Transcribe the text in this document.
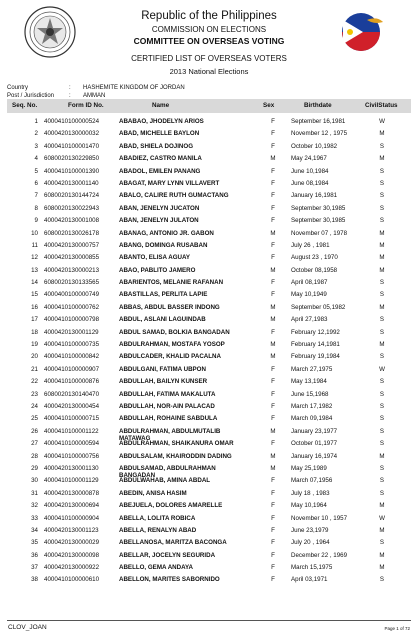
Republic of the Philippines
COMMISSION ON ELECTIONS
COMMITTEE ON OVERSEAS VOTING
CERTIFIED LIST OF OVERSEAS VOTERS
2013 National Elections
Country	:	HASHEMITE KINGDOM OF JORDAN
Post / Jurisdiction	:	AMMAN
Seq. No.	Form ID No.	Name	Sex	Birthdate	CivilStatus
1 4000410100000524	ABABAO, JHODELYN ARIOS	F	September 16,1981	W
2 4000420130000032	ABAD, MICHELLE BAYLON	F	November 12 , 1975	M
3 4000410100001470	ABAD, SHIELA DOJINOG	F	October 10,1982	S
4 6080020130229850	ABADIEZ, CASTRO MANILA	M	May 24,1967	M
5 4000410100001390	ABADOL, EMILEN PANANG	F	June 10,1984	S
6 4000420130001140	ABAGAT, MARY LYNN VILLAVERT	F	June 08,1984	S
7 6080020130144724	ABALO, CALIRE RUTH GUMACTANG	F	January 16,1981	S
8 6080020130022943	ABAN, JENELYN JUCATON	F	September 30,1985	S
9 4000420130001008	ABAN, JENELYN JULATON	F	September 30,1985	S
10 6080020130026178	ABANAG, ANTONIO JR. GABON	M	November 07 , 1978	M
11 4000420130000757	ABANG, DOMINGA RUSABAN	F	July 26 , 1981	M
12 4000420130000855	ABANTO, ELISA AGUAY	F	August 23 , 1970	M
13 4000420130000213	ABAO, PABLITO JAMERO	M	October 08,1958	M
14 6080020130133565	ABARIENTOS, MELANIE RAFANAN	F	April 08,1987	S
15 4000400100000749	ABASTILLAS, PERLITA LAPIE	F	May 10,1949	S
16 4000410100000762	ABBAS, ABDUL BASSER INDONG	M	September 05,1982	M
17 4000410100000798	ABDUL, ASLANI LAGUINDAB	M	April 27,1983	S
18 4000420130001129	ABDUL SAMAD, BOLKIA BANGADAN	F	February 12,1992	S
19 4000410100000735	ABDULRAHMAN, MOSTAFA YOSOP	M	February 14,1981	M
20 4000410100000842	ABDULCADER, KHALID PACALNA	M	February 19,1984	S
21 4000410100000907	ABDULGANI, FATIMA UBPON	F	March 27,1975	W
22 4000410100000876	ABDULLAH, BAILYN KUNSER	F	May 13,1984	S
23 6080020130140470	ABDULLAH, FATIMA MAKALUTA	F	June 15,1968	S
24 4000420130000454	ABDULLAH, NOR-AIN PALACAD	F	March 17,1982	S
25 4000410100000715	ABDULLAH, ROHAINE SABDULA	F	March 09,1984	S
26 4000410100001122	ABDULRAHMAN, ABDULMUTALIB	M	January 23,1977	S
MATAWAG
27 4000410100000594	ABDULRAHMAN, SHAIKANURA OMAR	F	October 01,1977	S
28 4000410100000756	ABDULSALAM, KHAIRODDIN DADING	M	January 16,1974	M
29 4000420130001130	ABDULSAMAD, ABDULRAHMAN	M	May 25,1989	S
BANGADAN
30 4000410100001129	ABDULWAHAB, AMINA ABDAL	F	March 07,1956	S
31 4000420130000878	ABEDIN, ANISA HASIM	F	July 18 , 1983	S
32 4000420130000694	ABEJUELA, DOLORES AMARELLE	F	May 10,1964	M
33 4000410100000904	ABELLA, LOLITA ROBICA	F	November 10 , 1957	W
34 4000420130001123	ABELLA, RENALYN ABAD	F	June 23,1979	M
35 4000420130000029	ABELLANOSA, MARITZA BACONGA	F	July 20 , 1964	S
36 4000420130000098	ABELLAR, JOCELYN SEGURIDA	F	December 22 , 1969	M
37 4000420130000922	ABELLO, GEMA ANDAYA	F	March 15,1975	M
38 4000410100000610	ABELLON, MARITES SABORNIDO	F	April 03,1971	S
CLOV_JOAN	Page 1 of 72
